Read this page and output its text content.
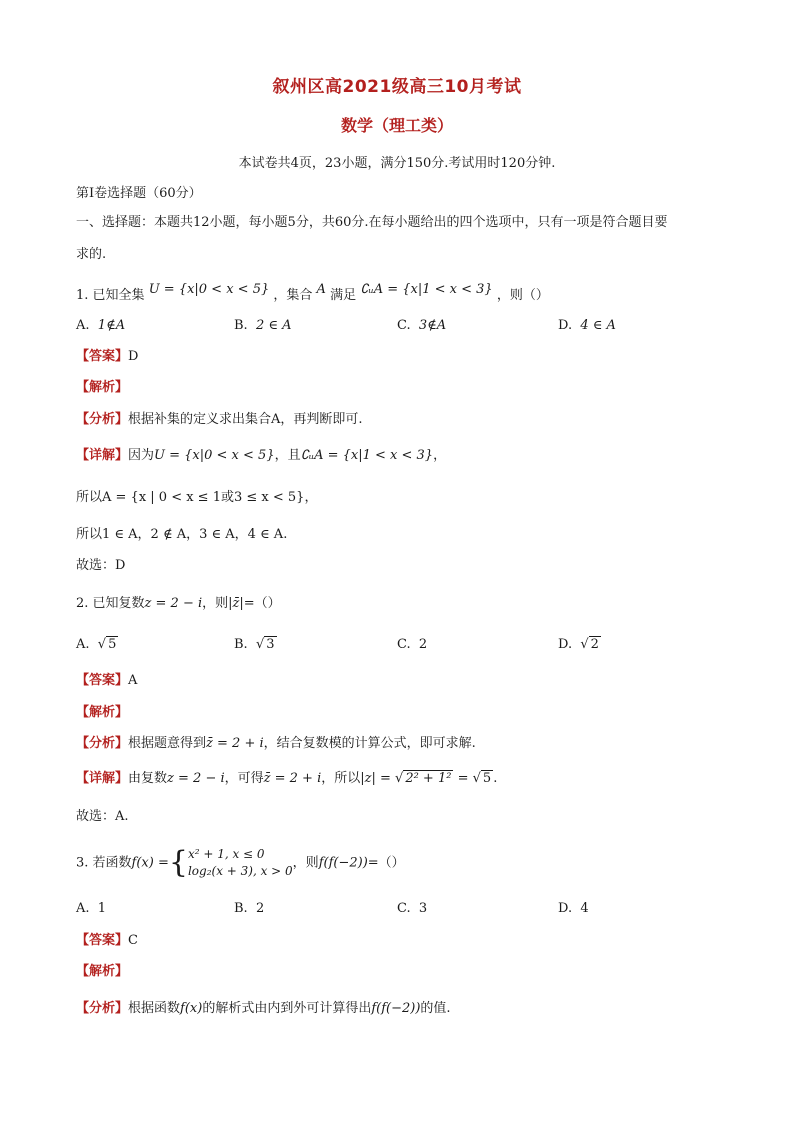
叙州区高2021级高三10月考试
数学（理工类）
本试卷共4页，23小题，满分150分.考试用时120分钟.
第I卷选择题（60分）
一、选择题：本题共12小题，每小题5分，共60分.在每小题给出的四个选项中，只有一项是符合题目要
求的.
1. 已知全集 U = {x|0 < x < 5} ，集合 A 满足 ∁ᵤA = {x|1 < x < 3} ，则（）
A. 1∉A	B. 2 ∈ A	C. 3∉A	D. 4 ∈ A
【答案】D
【解析】
【分析】根据补集的定义求出集合A，再判断即可.
【详解】因为U = {x|0 < x < 5}，且∁ᵤA = {x|1 < x < 3}，
所以A = {x | 0 < x ≤ 1或3 ≤ x < 5}，
所以1 ∈ A，2 ∉ A，3 ∈ A，4 ∈ A.
故选：D
2. 已知复数z = 2 − i，则|z̄|=（）
A.  √ 5	B.  √ 3	C. 2	D.  √ 2
【答案】A
【解析】
【分析】根据题意得到z̄ = 2 + i，结合复数模的计算公式，即可求解.
【详解】由复数z = 2 − i，可得z̄ = 2 + i，所以|z| = √ 2² + 1² = √ 5 .
故选：A.
3. 若函数f(x) ={x² + 1, x ≤ 0
log₂(x + 3), x > 0，则f(f(−2))=（）
A. 1	B. 2	C. 3	D. 4
【答案】C
【解析】
【分析】根据函数f(x)的解析式由内到外可计算得出f(f(−2))的值.
